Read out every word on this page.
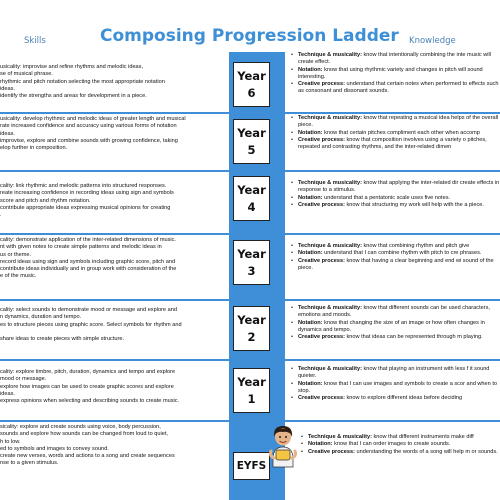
Composing Progression Ladder
Skills	Knowledge
Year
6
Year
5
Year
4
Year
3
Year
2
Year
1
EYFS

usicality: improvise and refine rhythms and melodic ideas,

se of musical phrase.

rhythmic and pitch notation selecting the most appropriate notation

ideas.

identify the strengths and areas for development in a piece.

usicality: develop rhythmic and melodic ideas of greater length and musical

rate increased confidence and accuracy using various forms of notation

ideas.

improvise, explore and combine sounds with growing confidence, taking

elop further in composition.

cality: link rhythmic and melodic patterns into structured responses.

reate increasing confidence in recording ideas using sign and symbols

score and pitch and rhythm notation.

contribute appropriate ideas expressing musical opinions for creating

.

cality: demonstrate application of the inter-related dimensions of music.

nt with given notes to create simple patterns and melodic ideas in

us or theme.

record ideas using sign and symbols including graphic score, pitch and

contribute ideas individually and in group work with consideration of the

e of the music.

cality: select sounds to demonstrate mood or message and explore and

n dynamics, duration and tempo.

es to structure pieces using graphic score. Select symbols for rhythm and

share ideas to create pieces with simple structure.

cality: explore timbre, pitch, duration, dynamics and tempo and explore

mood or message.

explore how images can be used to create graphic scores and explore

ideas.

express opinions when selecting and describing sounds to create music.

sicality: explore and create sounds using voice, body percussion,

sounds and explore how sounds can be changed from loud to quiet,

h to low.

ed to symbols and images to convey sound.

create new verses, words and actions to a song and create sequences

nse to a given stimulus.

• Technique & musicality: know that intentionally combining the inte music will create effect.
• Notation: know that using rhythmic variety and changes in pitch will sound interesting.
• Creative process: understand that certain notes when performed to effects such as consonant and dissonant sounds.
• Technique & musicality: know that repeating a musical idea helps of the overall piece.
• Notation: know that certain pitches compliment each other when accomp
• Creative process: know that composition involves using a variety o pitches, repeated and contrasting rhythms, and the inter-related dimen
• Technique & musicality: know that applying the inter-related dir create effects in response to a stimulus.
• Notation: understand that a pentatonic scale uses five notes.
• Creative process: know that structuring my work will help with the a piece.
• Technique & musicality: know that combining rhythm and pitch give
• Notation: understand that I can combine rhythm with pitch to cre phrases.
• Creative process: know that having a clear beginning and end wi sound of the piece.
• Technique & musicality: know that different sounds can be used characters, emotions and moods.
• Notation: know that changing the size of an image or how often changes in dynamics and tempo.
• Creative process: know that ideas can be represented through m playing.
• Technique & musicality: know that playing an instrument with less f it sound quieter.
• Notation: know that I can use images and symbols to create a scor and when to stop.
• Creative process: know to explore different ideas before deciding
• Technique & musicality: know that different instruments make diff
• Notation: know that I can order images to create sounds.
• Creative process: understanding the words of a song will help m or sounds.
